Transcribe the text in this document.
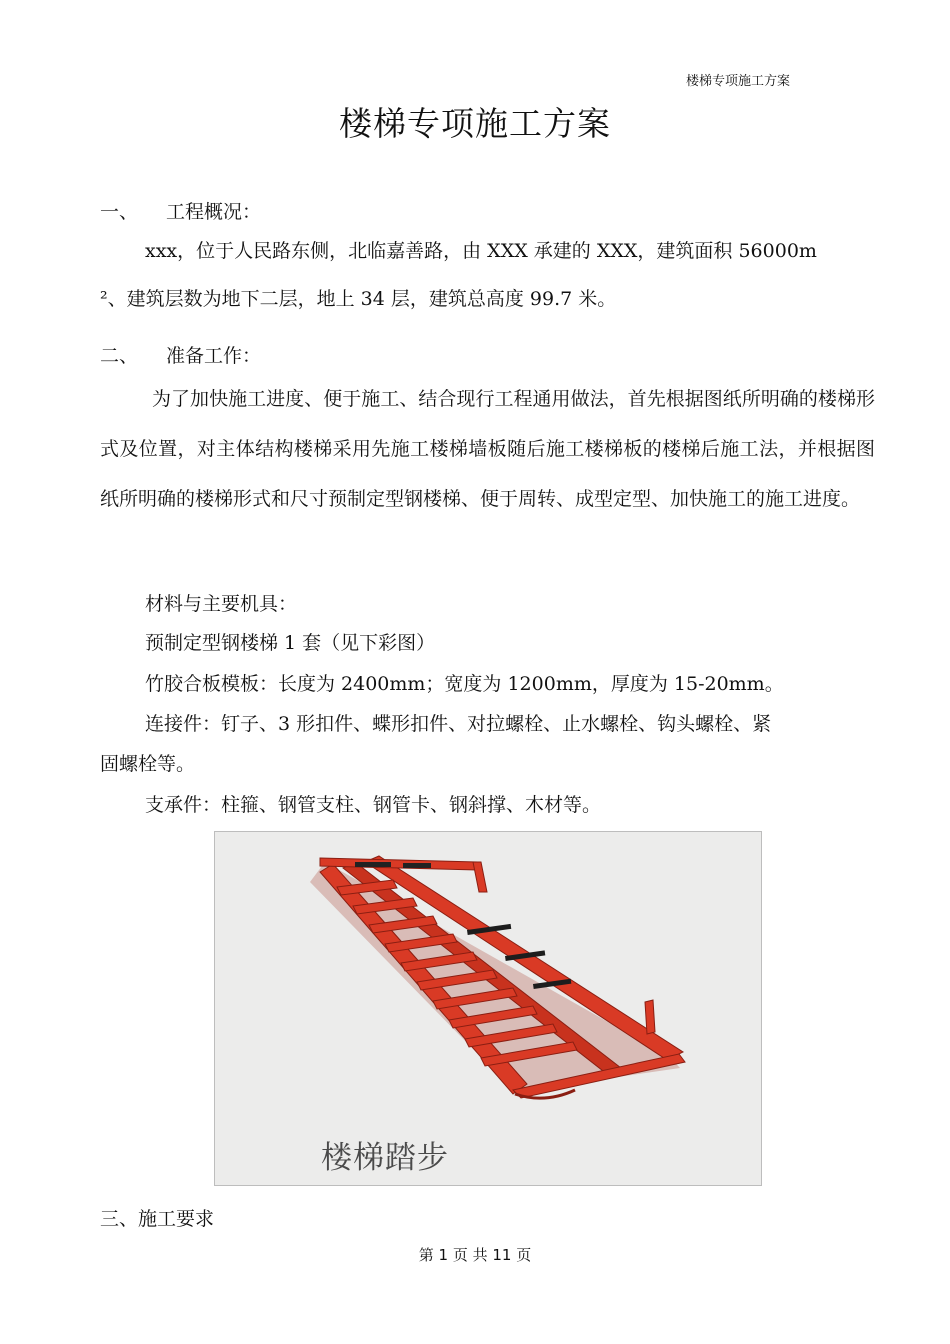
楼梯专项施工方案
楼梯专项施工方案
一、 工程概况：
xxx，位于人民路东侧，北临嘉善路，由 XXX 承建的 XXX，建筑面积 56000m
²、建筑层数为地下二层，地上 34 层，建筑总高度 99.7 米。
二、 准备工作：
为了加快施工进度、便于施工、结合现行工程通用做法，首先根据图纸所明确的楼梯形式及位置，对主体结构楼梯采用先施工楼梯墙板随后施工楼梯板的楼梯后施工法，并根据图纸所明确的楼梯形式和尺寸预制定型钢楼梯、便于周转、成型定型、加快施工的施工进度。
材料与主要机具：
预制定型钢楼梯 1 套（见下彩图）
竹胶合板模板：长度为 2400mm；宽度为 1200mm，厚度为 15-20mm。
连接件：钉子、3 形扣件、蝶形扣件、对拉螺栓、止水螺栓、钩头螺栓、紧
固螺栓等。
支承件：柱箍、钢管支柱、钢管卡、钢斜撑、木材等。
楼梯踏步
三、施工要求
第 1 页 共 11 页
